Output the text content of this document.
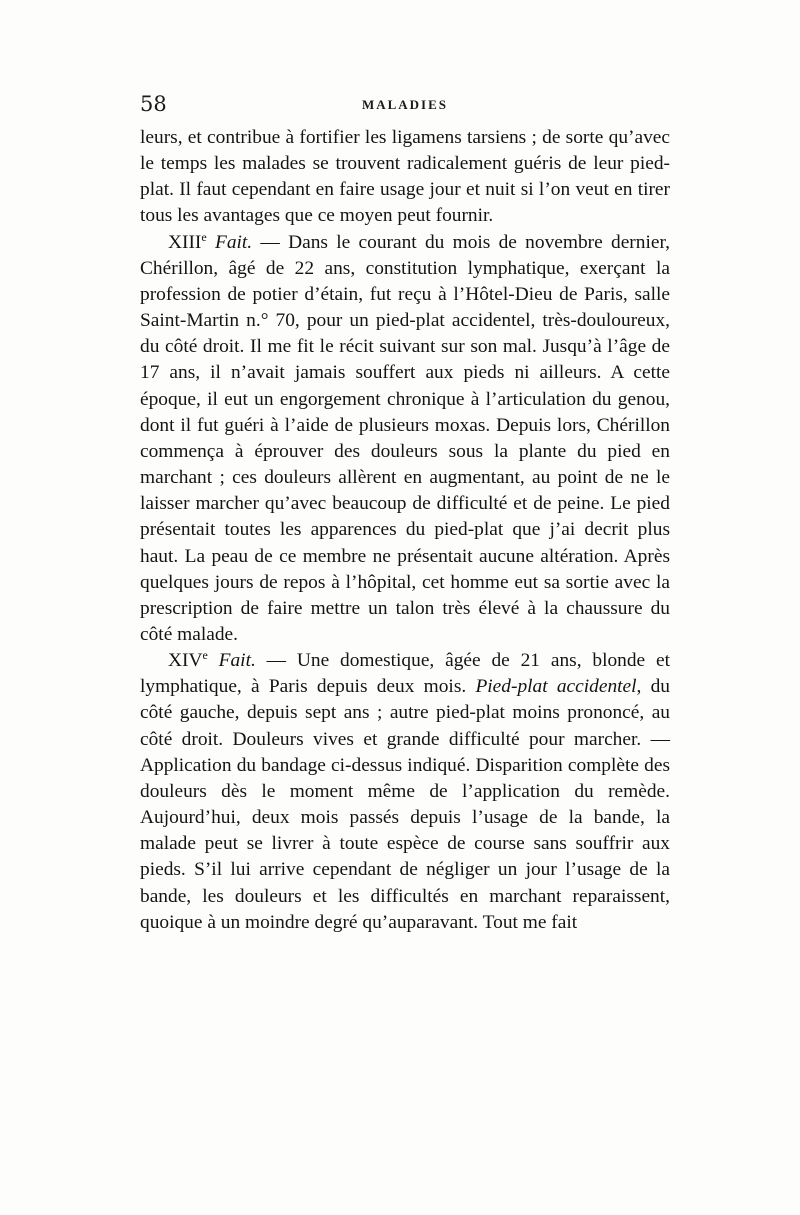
58	MALADIES

leurs, et contribue à fortifier les ligamens tarsiens ; de sorte qu’avec le temps les malades se trouvent radicalement guéris de leur pied-plat. Il faut cependant en faire usage jour et nuit si l’on veut en tirer tous les avantages que ce moyen peut fournir.

XIIIe Fait. — Dans le courant du mois de novembre dernier, Chérillon, âgé de 22 ans, constitution lymphatique, exerçant la profession de potier d’étain, fut reçu à l’Hôtel-Dieu de Paris, salle Saint-Martin n.° 70, pour un pied-plat accidentel, très-douloureux, du côté droit. Il me fit le récit suivant sur son mal. Jusqu’à l’âge de 17 ans, il n’avait jamais souffert aux pieds ni ailleurs. A cette époque, il eut un engorgement chronique à l’articulation du genou, dont il fut guéri à l’aide de plusieurs moxas. Depuis lors, Chérillon commença à éprouver des douleurs sous la plante du pied en marchant ; ces douleurs allèrent en augmentant, au point de ne le laisser marcher qu’avec beaucoup de difficulté et de peine. Le pied présentait toutes les apparences du pied-plat que j’ai decrit plus haut. La peau de ce membre ne présentait aucune altération. Après quelques jours de repos à l’hôpital, cet homme eut sa sortie avec la prescription de faire mettre un talon très élevé à la chaussure du côté malade.

XIVe Fait. — Une domestique, âgée de 21 ans, blonde et lymphatique, à Paris depuis deux mois. Pied-plat accidentel, du côté gauche, depuis sept ans ; autre pied-plat moins prononcé, au côté droit. Douleurs vives et grande difficulté pour marcher. — Application du bandage ci-dessus indiqué. Disparition complète des douleurs dès le moment même de l’application du remède. Aujourd’hui, deux mois passés depuis l’usage de la bande, la malade peut se livrer à toute espèce de course sans souffrir aux pieds. S’il lui arrive cependant de négliger un jour l’usage de la bande, les douleurs et les difficultés en marchant reparaissent, quoique à un moindre degré qu’auparavant. Tout me fait
